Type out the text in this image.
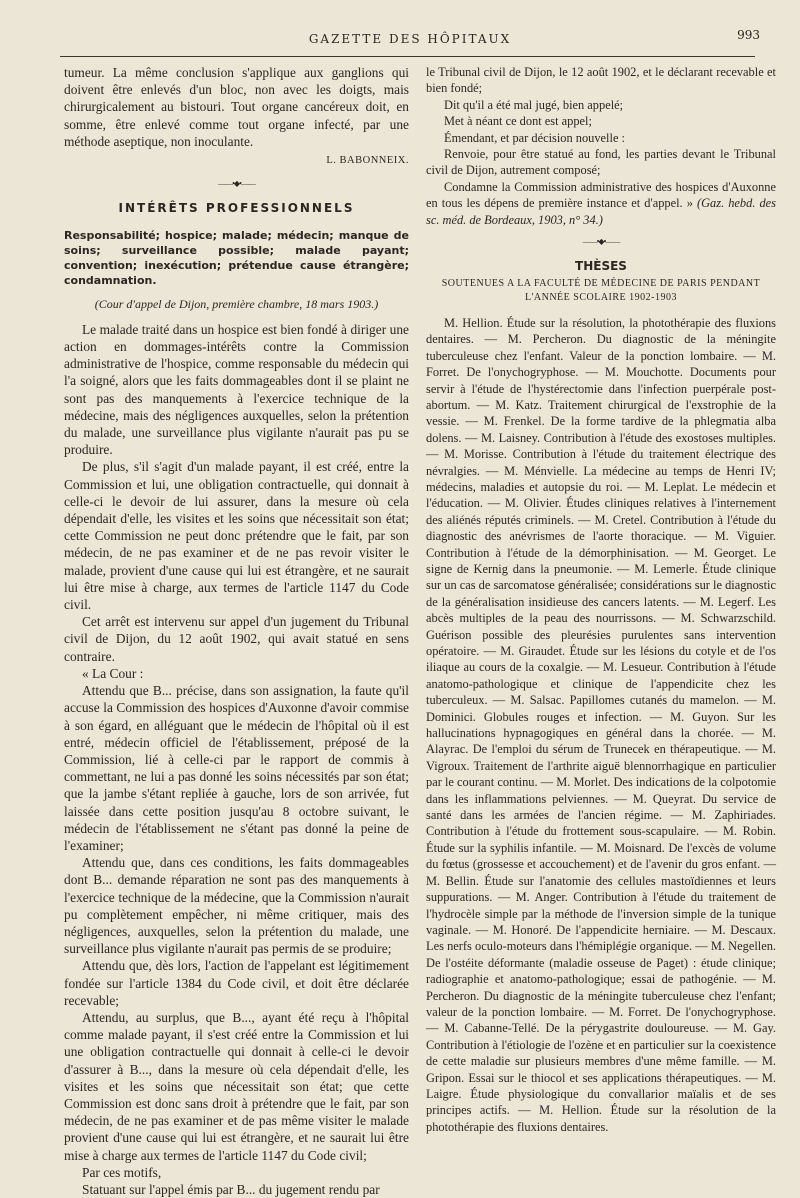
GAZETTE DES HÔPITAUX	993

tumeur. La même conclusion s'applique aux ganglions qui doivent être enlevés d'un bloc, non avec les doigts, mais chirurgicalement au bistouri. Tout organe cancéreux doit, en somme, être enlevé comme tout organe infecté, par une méthode aseptique, non inoculante.

L. BABONNEIX.

——•◆•——
INTÉRÊTS PROFESSIONNELS

Responsabilité; hospice; malade; médecin; manque de soins; surveillance possible; malade payant; convention; inexécution; prétendue cause étrangère; condamnation.

(Cour d'appel de Dijon, première chambre, 18 mars 1903.)

Le malade traité dans un hospice est bien fondé à diriger une action en dommages-intérêts contre la Commission administrative de l'hospice, comme responsable du médecin qui l'a soigné, alors que les faits dommageables dont il se plaint ne sont pas des manquements à l'exercice technique de la médecine, mais des négligences auxquelles, selon la prétention du malade, une surveillance plus vigilante n'aurait pas pu se produire.

De plus, s'il s'agit d'un malade payant, il est créé, entre la Commission et lui, une obligation contractuelle, qui donnait à celle-ci le devoir de lui assurer, dans la mesure où cela dépendait d'elle, les visites et les soins que nécessitait son état; cette Commission ne peut donc prétendre que le fait, par son médecin, de ne pas examiner et de ne pas revoir visiter le malade, provient d'une cause qui lui est étrangère, et ne saurait lui être mise à charge, aux termes de l'article 1147 du Code civil.

Cet arrêt est intervenu sur appel d'un jugement du Tribunal civil de Dijon, du 12 août 1902, qui avait statué en sens contraire.

« La Cour :

Attendu que B... précise, dans son assignation, la faute qu'il accuse la Commission des hospices d'Auxonne d'avoir commise à son égard, en alléguant que le médecin de l'hôpital où il est entré, médecin officiel de l'établissement, préposé de la Commission, lié à celle-ci par le rapport de commis à commettant, ne lui a pas donné les soins nécessités par son état; que la jambe s'étant repliée à gauche, lors de son arrivée, fut laissée dans cette position jusqu'au 8 octobre suivant, le médecin de l'établissement ne s'étant pas donné la peine de l'examiner;

Attendu que, dans ces conditions, les faits dommageables dont B... demande réparation ne sont pas des manquements à l'exercice technique de la médecine, que la Commission n'aurait pu complètement empêcher, ni même critiquer, mais des négligences, auxquelles, selon la prétention du malade, une surveillance plus vigilante n'aurait pas permis de se produire;

Attendu que, dès lors, l'action de l'appelant est légitimement fondée sur l'article 1384 du Code civil, et doit être déclarée recevable;

Attendu, au surplus, que B..., ayant été reçu à l'hôpital comme malade payant, il s'est créé entre la Commission et lui une obligation contractuelle qui donnait à celle-ci le devoir d'assurer à B..., dans la mesure où cela dépendait d'elle, les visites et les soins que nécessitait son état; que cette Commission est donc sans droit à prétendre que le fait, par son médecin, de ne pas examiner et de pas même visiter le malade provient d'une cause qui lui est étrangère, et ne saurait lui être mise à charge aux termes de l'article 1147 du Code civil;

Par ces motifs,

Statuant sur l'appel émis par B... du jugement rendu par

le Tribunal civil de Dijon, le 12 août 1902, et le déclarant recevable et bien fondé;

Dit qu'il a été mal jugé, bien appelé;

Met à néant ce dont est appel;

Émendant, et par décision nouvelle :

Renvoie, pour être statué au fond, les parties devant le Tribunal civil de Dijon, autrement composé;

Condamne la Commission administrative des hospices d'Auxonne en tous les dépens de première instance et d'appel. » (Gaz. hebd. des sc. méd. de Bordeaux, 1903, n° 34.)

——•◆•——
THÈSES

SOUTENUES A LA FACULTÉ DE MÉDECINE DE PARIS PENDANT L'ANNÉE SCOLAIRE 1902-1903

M. Hellion. Étude sur la résolution, la photothérapie des fluxions dentaires. — M. Percheron. Du diagnostic de la méningite tuberculeuse chez l'enfant. Valeur de la ponction lombaire. — M. Forret. De l'onychogryphose. — M. Mouchotte. Documents pour servir à l'étude de l'hystérectomie dans l'infection puerpérale post-abortum. — M. Katz. Traitement chirurgical de l'exstrophie de la vessie. — M. Frenkel. De la forme tardive de la phlegmatia alba dolens. — M. Laisney. Contribution à l'étude des exostoses multiples. — M. Morisse. Contribution à l'étude du traitement électrique des névralgies. — M. Ménvielle. La médecine au temps de Henri IV; médecins, maladies et autopsie du roi. — M. Leplat. Le médecin et l'éducation. — M. Olivier. Études cliniques relatives à l'internement des aliénés réputés criminels. — M. Cretel. Contribution à l'étude du diagnostic des anévrismes de l'aorte thoracique. — M. Viguier. Contribution à l'étude de la démorphinisation. — M. Georget. Le signe de Kernig dans la pneumonie. — M. Lemerle. Étude clinique sur un cas de sarcomatose généralisée; considérations sur le diagnostic de la généralisation insidieuse des cancers latents. — M. Legerf. Les abcès multiples de la peau des nourrissons. — M. Schwarzschild. Guérison possible des pleurésies purulentes sans intervention opératoire. — M. Giraudet. Étude sur les lésions du cotyle et de l'os iliaque au cours de la coxalgie. — M. Lesueur. Contribution à l'étude anatomo-pathologique et clinique de l'appendicite chez les tuberculeux. — M. Salsac. Papillomes cutanés du mamelon. — M. Dominici. Globules rouges et infection. — M. Guyon. Sur les hallucinations hypnagogiques en général dans la chorée. — M. Alayrac. De l'emploi du sérum de Trunecek en thérapeutique. — M. Vigroux. Traitement de l'arthrite aiguë blennorrhagique en particulier par le courant continu. — M. Morlet. Des indications de la colpotomie dans les inflammations pelviennes. — M. Queyrat. Du service de santé dans les armées de l'ancien régime. — M. Zaphiriades. Contribution à l'étude du frottement sous-scapulaire. — M. Robin. Étude sur la syphilis infantile. — M. Moisnard. De l'excès de volume du fœtus (grossesse et accouchement) et de l'avenir du gros enfant. — M. Bellin. Étude sur l'anatomie des cellules mastoïdiennes et leurs suppurations. — M. Anger. Contribution à l'étude du traitement de l'hydrocèle simple par la méthode de l'inversion simple de la tunique vaginale. — M. Honoré. De l'appendicite herniaire. — M. Descaux. Les nerfs oculo-moteurs dans l'hémiplégie organique. — M. Negellen. De l'ostéite déformante (maladie osseuse de Paget) : étude clinique; radiographie et anatomo-pathologique; essai de pathogénie. — M. Percheron. Du diagnostic de la méningite tuberculeuse chez l'enfant; valeur de la ponction lombaire. — M. Forret. De l'onychogryphose. — M. Cabanne-Tellé. De la pérygastrite douloureuse. — M. Gay. Contribution à l'étiologie de l'ozène et en particulier sur la coexistence de cette maladie sur plusieurs membres d'une même famille. — M. Gripon. Essai sur le thiocol et ses applications thérapeutiques. — M. Laigre. Étude physiologique du convallarior maïalis et de ses principes actifs. — M. Hellion. Étude sur la résolution de la photothérapie des fluxions dentaires.
